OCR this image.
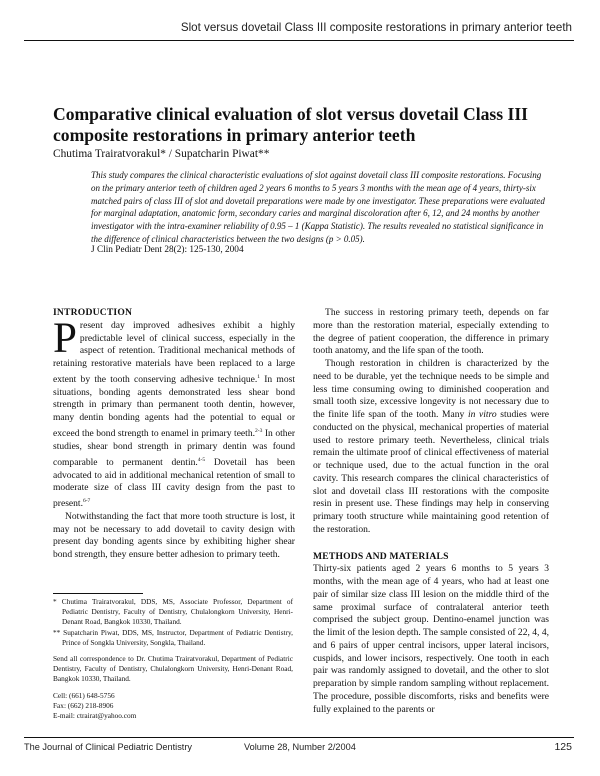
Slot versus dovetail Class III composite restorations in primary anterior teeth
Comparative clinical evaluation of slot versus dovetail Class III composite restorations in primary anterior teeth
Chutima Trairatvorakul* / Supatcharin Piwat**

This study compares the clinical characteristic evaluations of slot against dovetail class III composite restorations. Focusing on the primary anterior teeth of children aged 2 years 6 months to 5 years 3 months with the mean age of 4 years, thirty-six matched pairs of class III of slot and dovetail preparations were made by one investigator. These preparations were evaluated for marginal adaptation, anatomic form, secondary caries and marginal discoloration after 6, 12, and 24 months by another investigator with the intra-examiner reliability of 0.95 – 1 (Kappa Statistic). The results revealed no statistical significance in the difference of clinical characteristics between the two designs (p > 0.05).

J Clin Pediatr Dent 28(2): 125-130, 2004
INTRODUCTION

Present day improved adhesives exhibit a highly predictable level of clinical success, especially in the aspect of retention. Traditional mechanical methods of retaining restorative materials have been replaced to a large extent by the tooth conserving adhesive technique.$^1$ In most situations, bonding agents demonstrated less shear bond strength in primary than permanent tooth dentin, however, many dentin bonding agents had the potential to equal or exceed the bond strength to enamel in primary teeth.$^{2-3}$ In other studies, shear bond strength in primary dentin was found comparable to permanent dentin.$^{4-5}$ Dovetail has been advocated to aid in additional mechanical retention of small to moderate size of class III cavity design from the past to present.$^{6-7}$

Notwithstanding the fact that more tooth structure is lost, it may not be necessary to add dovetail to cavity design with present day bonding agents since by exhibiting higher shear bond strength, they ensure better adhesion to primary teeth.

* Chutima Trairatvorakul, DDS, MS, Associate Professor, Department of Pediatric Dentistry, Faculty of Dentistry, Chulalongkorn University, Henri-Denant Road, Bangkok 10330, Thailand.

** Supatcharin Piwat, DDS, MS, Instructor, Department of Pediatric Dentistry, Prince of Songkla University, Songkla, Thailand.

Send all correspondence to Dr. Chutima Trairatvorakul, Department of Pediatric Dentistry, Faculty of Dentistry, Chulalongkorn University, Henri-Denant Road, Bangkok 10330, Thailand.

Cell: (661) 648-5756

Fax: (662) 218-8906

E-mail: ctrairat@yahoo.com

The success in restoring primary teeth, depends on far more than the restoration material, especially extending to the degree of patient cooperation, the difference in primary tooth anatomy, and the life span of the tooth.

Though restoration in children is characterized by the need to be durable, yet the technique needs to be simple and less time consuming owing to diminished cooperation and small tooth size, excessive longevity is not necessary due to the finite life span of the tooth. Many in vitro studies were conducted on the physical, mechanical properties of material used to restore primary teeth. Nevertheless, clinical trials remain the ultimate proof of clinical effectiveness of material or technique used, due to the actual function in the oral cavity. This research compares the clinical characteristics of slot and dovetail class III restorations with the composite resin in present use. These findings may help in conserving primary tooth structure while maintaining good retention of the restoration.

METHODS AND MATERIALS

Thirty-six patients aged 2 years 6 months to 5 years 3 months, with the mean age of 4 years, who had at least one pair of similar size class III lesion on the middle third of the same proximal surface of contralateral anterior teeth comprised the subject group. Dentino-enamel junction was the limit of the lesion depth. The sample consisted of 22, 4, 4, and 6 pairs of upper central incisors, upper lateral incisors, cuspids, and lower incisors, respectively. One tooth in each pair was randomly assigned to dovetail, and the other to slot preparation by simple random sampling without replacement. The procedure, possible discomforts, risks and benefits were fully explained to the parents or

The Journal of Clinical Pediatric Dentistry	Volume 28, Number 2/2004	125
